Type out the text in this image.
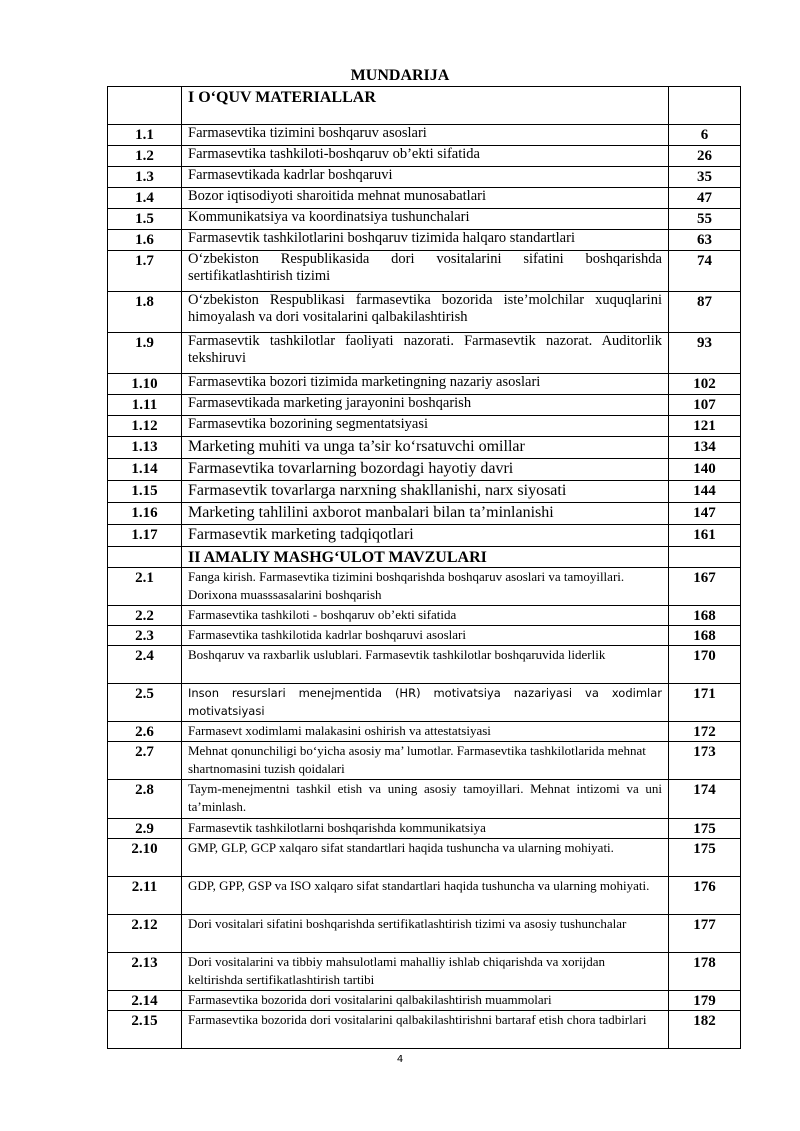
MUNDARIJA
	I O‘QUV MATERIALLAR	
1.1	Farmasevtika tizimini boshqaruv asoslari	6
1.2	Farmasevtika tashkiloti-boshqaruv ob’ekti sifatida	26
1.3	Farmasevtikada kadrlar boshqaruvi	35
1.4	Bozor iqtisodiyoti sharoitida mehnat munosabatlari	47
1.5	Kommunikatsiya va koordinatsiya tushunchalari	55
1.6	Farmasevtik tashkilotlarini boshqaruv tizimida halqaro standartlari	63
1.7	O‘zbekiston Respublikasida dori vositalarini sifatini boshqarishda sertifikatlashtirish tizimi	74
1.8	O‘zbekiston Respublikasi farmasevtika bozorida iste’molchilar xuquqlarini himoyalash va dori vositalarini qalbakilashtirish	87
1.9	Farmasevtik tashkilotlar faoliyati nazorati. Farmasevtik nazorat. Auditorlik tekshiruvi	93
1.10	Farmasevtika bozori tizimida marketingning nazariy asoslari	102
1.11	Farmasevtikada marketing jarayonini boshqarish	107
1.12	Farmasevtika bozorining segmentatsiyasi	121
1.13	Marketing muhiti va unga ta’sir ko‘rsatuvchi omillar	134
1.14	Farmasevtika tovarlarning bozordagi hayotiy davri	140
1.15	Farmasevtik tovarlarga narxning shakllanishi, narx siyosati	144
1.16	Marketing tahlilini axborot manbalari bilan ta’minlanishi	147
1.17	Farmasevtik marketing tadqiqotlari	161
	II AMALIY MASHG‘ULOT MAVZULARI	
2.1	Fanga kirish. Farmasevtika tizimini boshqarishda boshqaruv asoslari va tamoyillari. Dorixona muasssasalarini boshqarish	167
2.2	Farmasevtika tashkiloti - boshqaruv ob’ekti sifatida	168
2.3	Farmasevtika tashkilotida kadrlar boshqaruvi asoslari	168
2.4	Boshqaruv va raxbarlik uslublari. Farmasevtik tashkilotlar boshqaruvida liderlik	170
2.5	Inson resurslari menejmentida (HR) motivatsiya nazariyasi va xodimlar motivatsiyasi	171
2.6	Farmasevt xodimlami malakasini oshirish va attestatsiyasi	172
2.7	Mehnat qonunchiligi bo‘yicha asosiy ma’ lumotlar. Farmasevtika tashkilotlarida mehnat shartnomasini tuzish qoidalari	173
2.8	Taym-menejmentni tashkil etish va uning asosiy tamoyillari. Mehnat intizomi va uni ta’minlash.	174
2.9	Farmasevtik tashkilotlarni boshqarishda kommunikatsiya	175
2.10	GMP, GLP, GCP xalqaro sifat standartlari haqida tushuncha va ularning mohiyati.	175
2.11	GDP, GPP, GSP va ISO xalqaro sifat standartlari haqida tushuncha va ularning mohiyati.	176
2.12	Dori vositalari sifatini boshqarishda sertifikatlashtirish tizimi va asosiy tushunchalar	177
2.13	Dori vositalarini va tibbiy mahsulotlami mahalliy ishlab chiqarishda va xorijdan keltirishda sertifikatlashtirish tartibi	178
2.14	Farmasevtika bozorida dori vositalarini qalbakilashtirish muammolari	179
2.15	Farmasevtika bozorida dori vositalarini qalbakilashtirishni bartaraf etish chora tadbirlari	182
4
